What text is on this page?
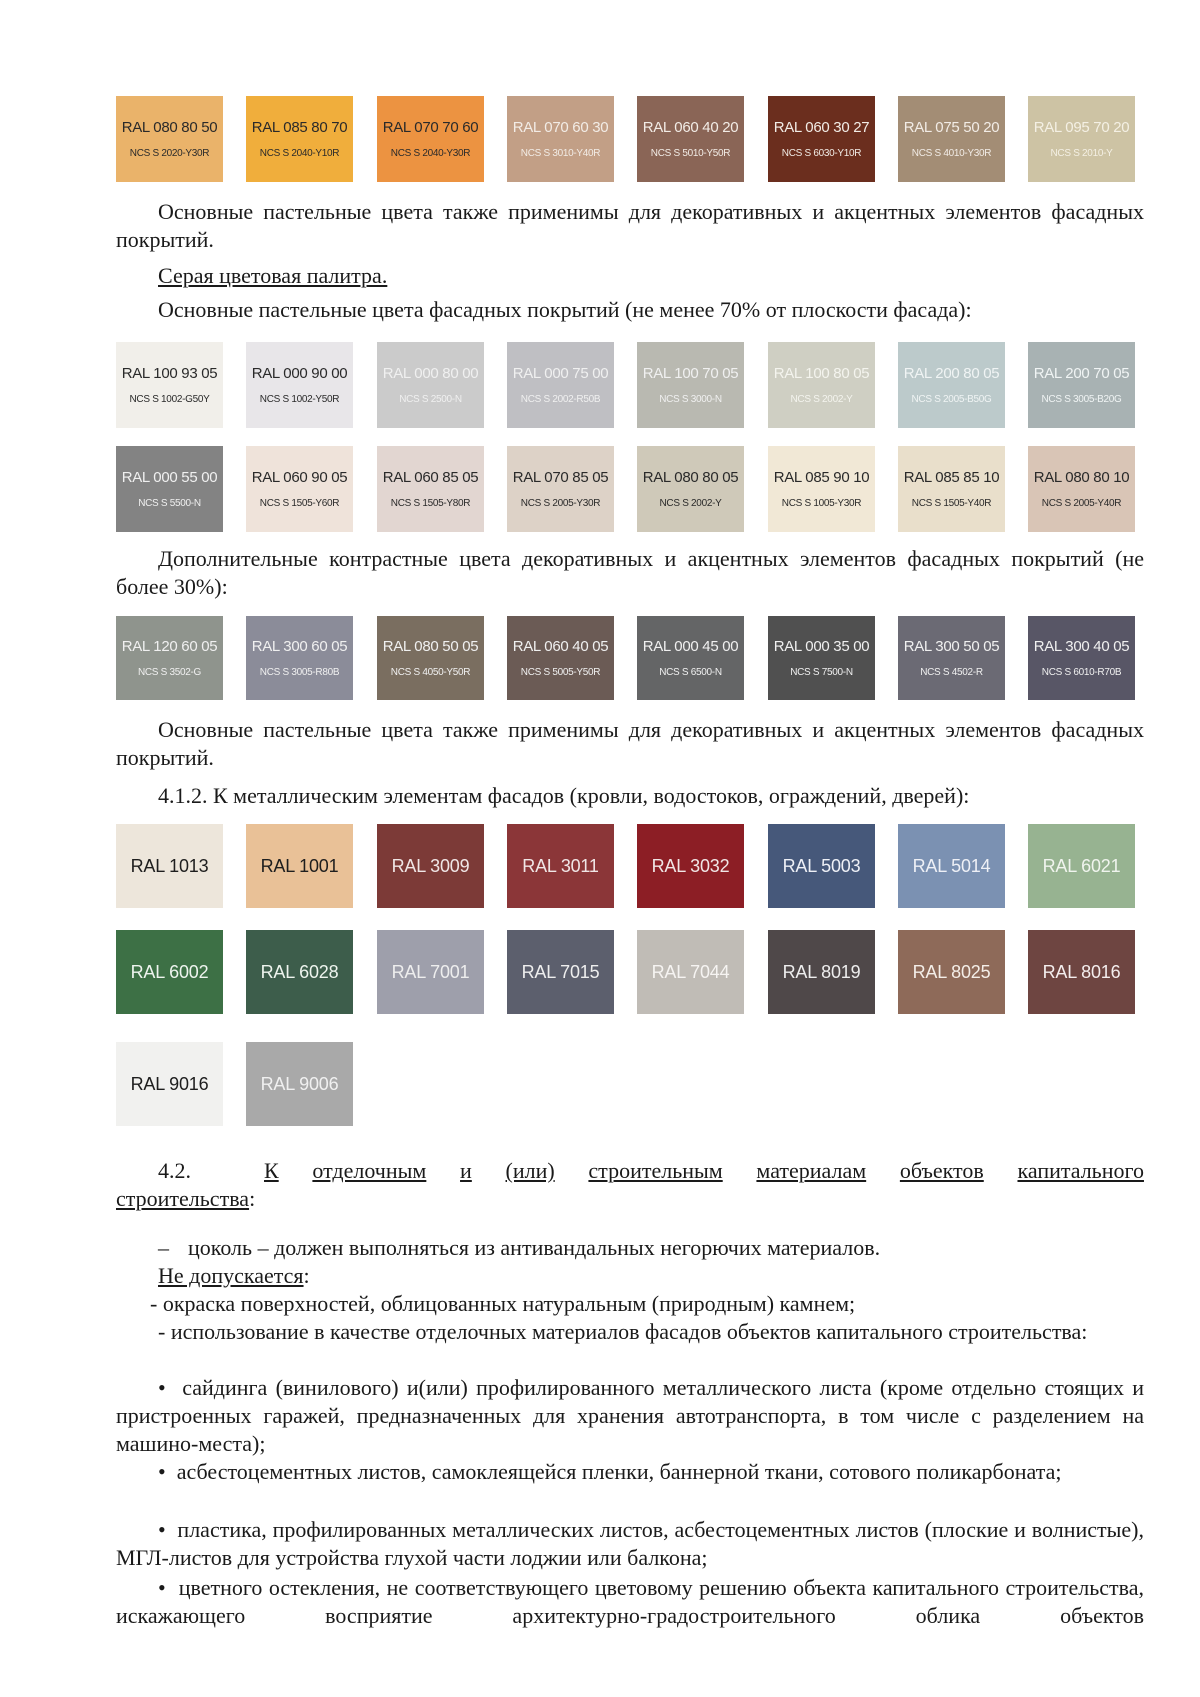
RAL 080 80 50
NCS S 2020-Y30R
RAL 085 80 70
NCS S 2040-Y10R
RAL 070 70 60
NCS S 2040-Y30R
RAL 070 60 30
NCS S 3010-Y40R
RAL 060 40 20
NCS S 5010-Y50R
RAL 060 30 27
NCS S 6030-Y10R
RAL 075 50 20
NCS S 4010-Y30R
RAL 095 70 20
NCS S 2010-Y
Основные пастельные цвета также применимы для декоративных и акцентных элементов фасадных покрытий.
Серая цветовая палитра.
Основные пастельные цвета фасадных покрытий (не менее 70% от плоскости фасада):
RAL 100 93 05
NCS S 1002-G50Y
RAL 000 90 00
NCS S 1002-Y50R
RAL 000 80 00
NCS S 2500-N
RAL 000 75 00
NCS S 2002-R50B
RAL 100 70 05
NCS S 3000-N
RAL 100 80 05
NCS S 2002-Y
RAL 200 80 05
NCS S 2005-B50G
RAL 200 70 05
NCS S 3005-B20G
RAL 000 55 00
NCS S 5500-N
RAL 060 90 05
NCS S 1505-Y60R
RAL 060 85 05
NCS S 1505-Y80R
RAL 070 85 05
NCS S 2005-Y30R
RAL 080 80 05
NCS S 2002-Y
RAL 085 90 10
NCS S 1005-Y30R
RAL 085 85 10
NCS S 1505-Y40R
RAL 080 80 10
NCS S 2005-Y40R
Дополнительные контрастные цвета декоративных и акцентных элементов фасадных покрытий (не более 30%):
RAL 120 60 05
NCS S 3502-G
RAL 300 60 05
NCS S 3005-R80B
RAL 080 50 05
NCS S 4050-Y50R
RAL 060 40 05
NCS S 5005-Y50R
RAL 000 45 00
NCS S 6500-N
RAL 000 35 00
NCS S 7500-N
RAL 300 50 05
NCS S 4502-R
RAL 300 40 05
NCS S 6010-R70B
Основные пастельные цвета также применимы для декоративных и акцентных элементов фасадных покрытий.
4.1.2. К металлическим элементам фасадов (кровли, водостоков, ограждений, дверей):
RAL 1013	RAL 1001	RAL 3009	RAL 3011	RAL 3032	RAL 5003	RAL 5014	RAL 6021
RAL 6002	RAL 6028	RAL 7001	RAL 7015	RAL 7044	RAL 8019	RAL 8025	RAL 8016
RAL 9016	RAL 9006
4.2.	К отделочным и (или) строительным материалам объектов капитального
строительства:
– цоколь – должен выполняться из антивандальных негорючих материалов.
Не допускается:
- окраска поверхностей, облицованных натуральным (природным) камнем;
- использование в качестве отделочных материалов фасадов объектов капитального строительства:
• сайдинга (винилового) и(или) профилированного металлического листа (кроме отдельно стоящих и пристроенных гаражей, предназначенных для хранения автотранспорта, в том числе с разделением на машино-места);
• асбестоцементных листов, самоклеящейся пленки, баннерной ткани, сотового поликарбоната;
• пластика, профилированных металлических листов, асбестоцементных листов (плоские и волнистые), МГЛ-листов для устройства глухой части лоджии или балкона;
• цветного остекления, не соответствующего цветовому решению объекта капитального строительства, искажающего восприятие архитектурно-градостроительного облика объектов
